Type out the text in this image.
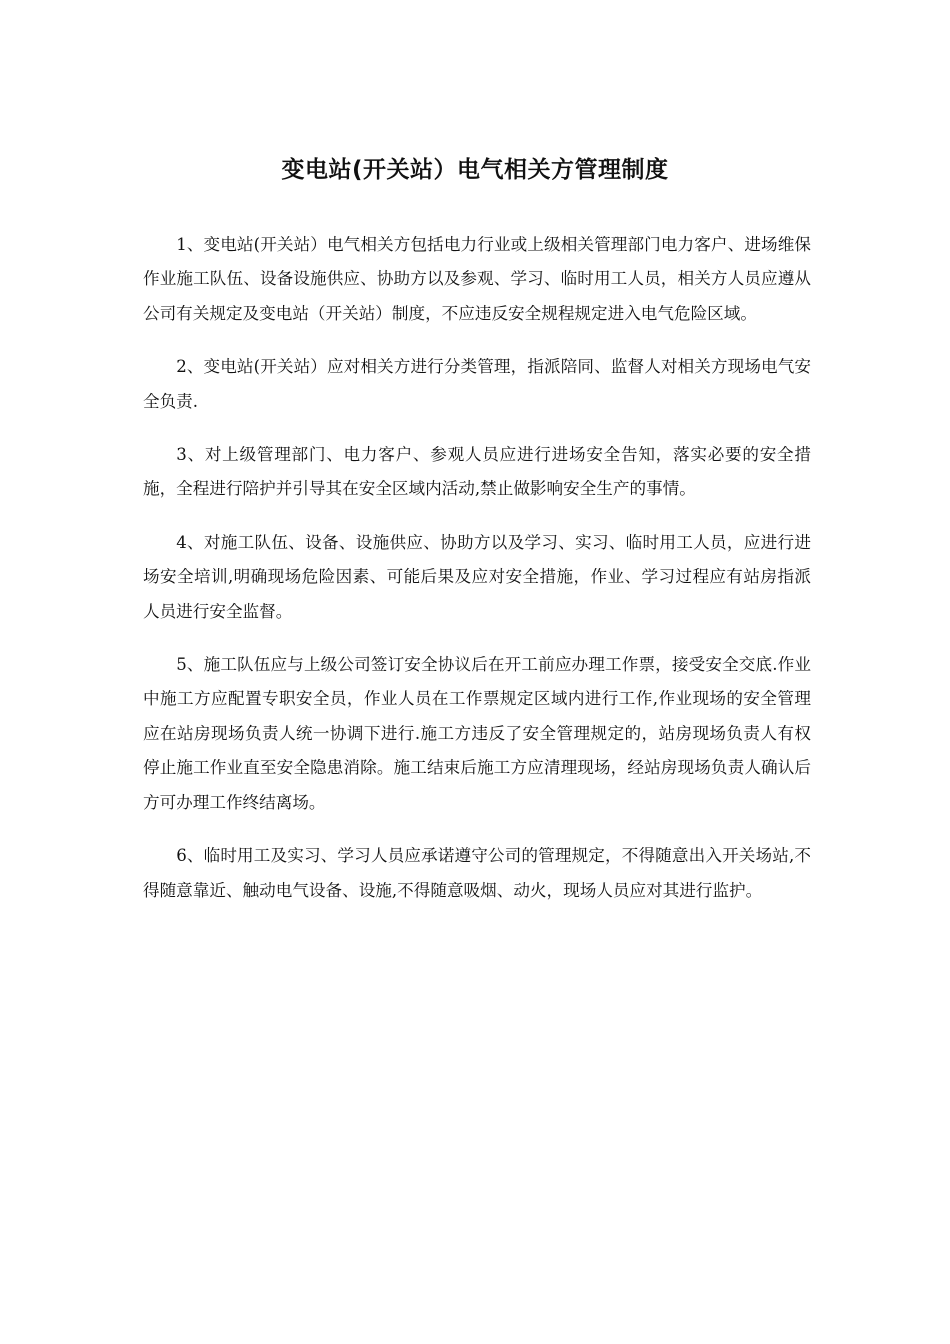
变电站(开关站）电气相关方管理制度

1、变电站(开关站）电气相关方包括电力行业或上级相关管理部门电力客户、进场维保作业施工队伍、设备设施供应、协助方以及参观、学习、临时用工人员，相关方人员应遵从公司有关规定及变电站（开关站）制度，不应违反安全规程规定进入电气危险区域。

2、变电站(开关站）应对相关方进行分类管理，指派陪同、监督人对相关方现场电气安全负责.

3、对上级管理部门、电力客户、参观人员应进行进场安全告知，落实必要的安全措施，全程进行陪护并引导其在安全区域内活动,禁止做影响安全生产的事情。

4、对施工队伍、设备、设施供应、协助方以及学习、实习、临时用工人员，应进行进场安全培训,明确现场危险因素、可能后果及应对安全措施，作业、学习过程应有站房指派人员进行安全监督。

5、施工队伍应与上级公司签订安全协议后在开工前应办理工作票，接受安全交底.作业中施工方应配置专职安全员，作业人员在工作票规定区域内进行工作,作业现场的安全管理应在站房现场负责人统一协调下进行.施工方违反了安全管理规定的，站房现场负责人有权停止施工作业直至安全隐患消除。施工结束后施工方应清理现场，经站房现场负责人确认后方可办理工作终结离场。

6、临时用工及实习、学习人员应承诺遵守公司的管理规定，不得随意出入开关场站,不得随意靠近、触动电气设备、设施,不得随意吸烟、动火，现场人员应对其进行监护。
